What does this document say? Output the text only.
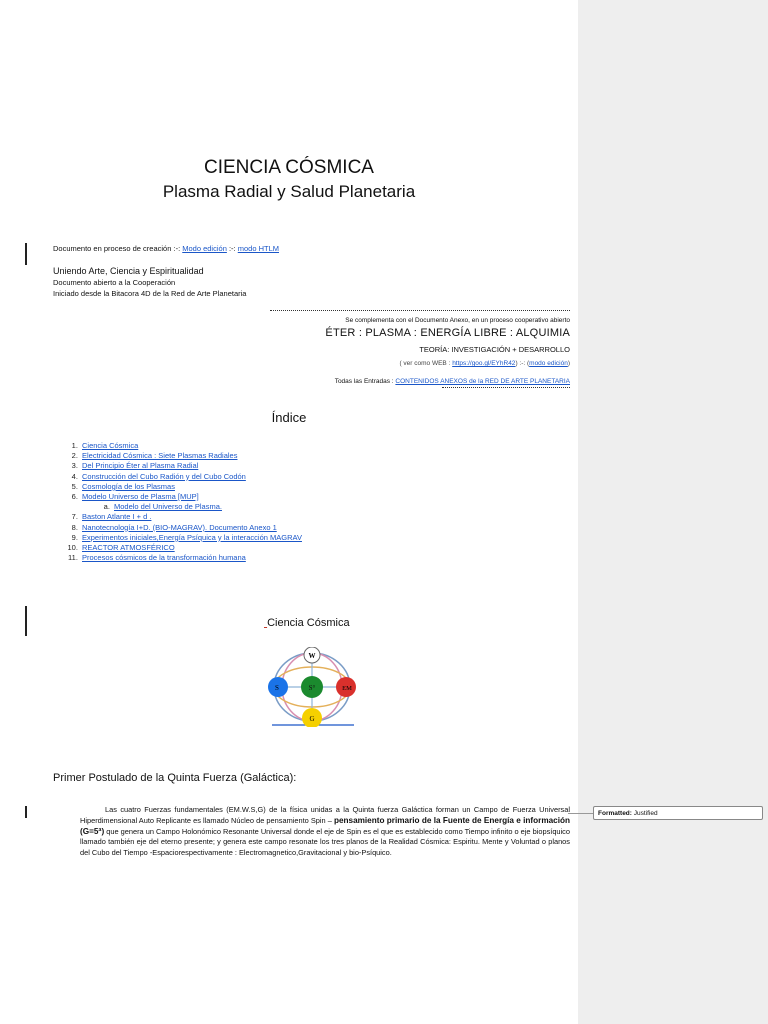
CIENCIA CÓSMICA
Plasma Radial y Salud Planetaria
Documento en proceso de creación :-: Modo edición :-: modo HTLM
Uniendo Arte, Ciencia y Espiritualidad
Documento abierto a la Cooperación
Iniciado desde la Bitacora 4D de la Red de Arte Planetaria
Se complementa con el Documento Anexo, en un proceso cooperativo abierto
ÉTER : PLASMA : ENERGÍA LIBRE : ALQUIMIA
TEORÍA: INVESTIGACIÓN + DESARROLLO
( ver como WEB : https://goo.gl/EYhR42) :-: (modo edición)
Todas las Entradas : CONTENIDOS ANEXOS de la RED DE ARTE PLANETARIA
Índice
1. Ciencia Cósmica
2. Electricidad Cósmica : Siete Plasmas Radiales
3. Del Principio Éter al Plasma Radial
4. Construcción del Cubo Radión y del Cubo Codón
5. Cosmología de los Plasmas
6. Modelo Universo de Plasma [MUP]
a. Modelo del Universo de Plasma.
7. Baston Atlante I + d .
8. Nanotecnología I+D. (BIO-MAGRAV). Documento Anexo 1
9. Experimentos iniciales,Energía Psíquica y la interacción MAGRAV
10. REACTOR ATMOSFÉRICO
11. Procesos cósmicos de la transformación humana
Ciencia Cósmica
W
S	S°	EM
G
Primer Postulado de la Quinta Fuerza (Galáctica):
Las cuatro Fuerzas fundamentales (EM.W.S,G) de la física unidas a la Quinta fuerza Galáctica forman un Campo de Fuerza Universal Hiperdimensional Auto Replicante es llamado Núcleo de pensamiento Spin – pensamiento primario de la Fuente de Energía e información (G=5ª) que genera un Campo Holonómico Resonante Universal donde el eje de Spin es el que es establecido como Tiempo infinito o eje biopsíquico llamado también eje del eterno presente; y genera este campo resonate los tres planos de la Realidad Cósmica: Espiritu. Mente y Voluntad o planos del Cubo del Tiempo -Espaciorespectivamente : Electromagnetico,Gravitacional y bio-Psíquico.
Formatted: Justified
